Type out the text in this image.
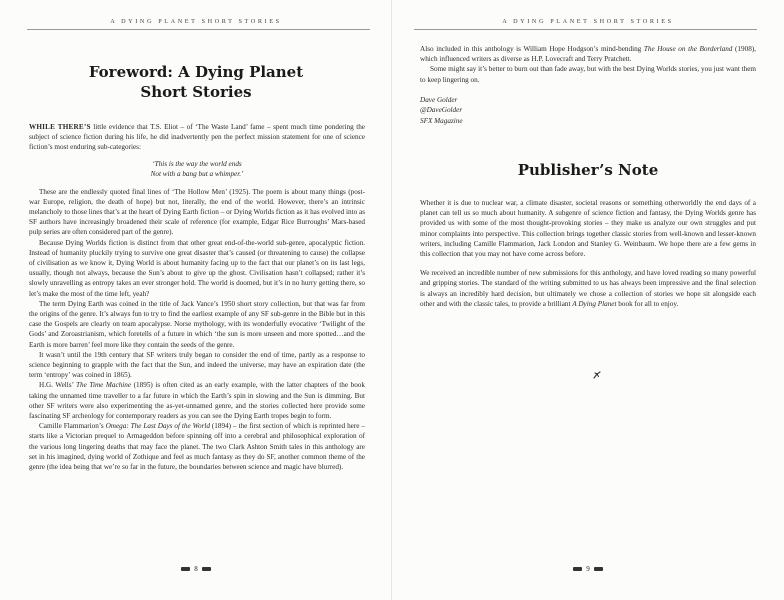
A DYING PLANET SHORT STORIES
Foreword: A Dying Planet
Short Stories

WHILE THERE’S little evidence that T.S. Eliot – of ‘The Waste Land’ fame – spent much time pondering the subject of science fiction during his life, he did inadvertently pen the perfect mission statement for one of science fiction’s most enduring sub-categories:

‘This is the way the world ends
Not with a bang but a whimper.’

These are the endlessly quoted final lines of ‘The Hollow Men’ (1925). The poem is about many things (post-war Europe, religion, the death of hope) but not, literally, the end of the world. However, there’s an intrinsic melancholy to those lines that’s at the heart of Dying Earth fiction – or Dying Worlds fiction as it has evolved into as SF authors have increasingly broadened their scale of reference (for example, Edgar Rice Burroughs’ Mars-based pulp series are often considered part of the genre).

Because Dying Worlds fiction is distinct from that other great end-of-the-world sub-genre, apocalyptic fiction. Instead of humanity pluckily trying to survive one great disaster that’s caused (or threatening to cause) the collapse of civilisation as we know it, Dying World is about humanity facing up to the fact that our planet’s on its last legs, usually, though not always, because the Sun’s about to give up the ghost. Civilisation hasn’t collapsed; rather it’s slowly unravelling as entropy takes an ever stronger hold. The world is doomed, but it’s in no hurry getting there, so let’s make the most of the time left, yeah?

The term Dying Earth was coined in the title of Jack Vance’s 1950 short story collection, but that was far from the origins of the genre. It’s always fun to try to find the earliest example of any SF sub-genre in the Bible but in this case the Gospels are clearly on team apocalypse. Norse mythology, with its wonderfully evocative ‘Twilight of the Gods’ and Zoroastrianism, which foretells of a future in which ‘the sun is more unseen and more spotted…and the Earth is more barren’ feel more like they contain the seeds of the genre.

It wasn’t until the 19th century that SF writers truly began to consider the end of time, partly as a response to science beginning to grapple with the fact that the Sun, and indeed the universe, may have an expiration date (the term ‘entropy’ was coined in 1865).

H.G. Wells’ The Time Machine (1895) is often cited as an early example, with the latter chapters of the book taking the unnamed time traveller to a far future in which the Earth’s spin in slowing and the Sun is dimming. But other SF writers were also experimenting the as-yet-unnamed genre, and the stories collected here provide some fascinating SF archeology for contemporary readers as you can see the Dying Earth tropes begin to form.

Camille Flammarion’s Omega: The Last Days of the World (1894) – the first section of which is reprinted here – starts like a Victorian prequel to Armageddon before spinning off into a cerebral and philosophical exploration of the various long lingering deaths that may face the planet. The two Clark Ashton Smith tales in this anthology are set in his imagined, dying world of Zothique and feel as much fantasy as they do SF, another common theme of the genre (the idea being that we’re so far in the future, the boundaries between science and magic have blurred).

8
A DYING PLANET SHORT STORIES

Also included in this anthology is William Hope Hodgson’s mind-bending The House on the Borderland (1908), which influenced writers as diverse as H.P. Lovecraft and Terry Pratchett.

Some might say it’s better to burn out than fade away, but with the best Dying Worlds stories, you just want them to keep lingering on.

Dave Golder
@DaveGolder
SFX Magazine
Publisher’s Note

Whether it is due to nuclear war, a climate disaster, societal reasons or something otherworldly the end days of a planet can tell us so much about humanity. A subgenre of science fiction and fantasy, the Dying Worlds genre has provided us with some of the most thought-provoking stories – they make us analyze our own struggles and put minor complaints into perspective. This collection brings together classic stories from well-known and lesser-known writers, including Camille Flammarion, Jack London and Stanley G. Weinbaum. We hope there are a few gems in this collection that you may not have come across before.

We received an incredible number of new submissions for this anthology, and have loved reading so many powerful and gripping stories. The standard of the writing submitted to us has always been impressive and the final selection is always an incredibly hard decision, but ultimately we chose a collection of stories we hope sit alongside each other and with the classic tales, to provide a brilliant A Dying Planet book for all to enjoy.

9
